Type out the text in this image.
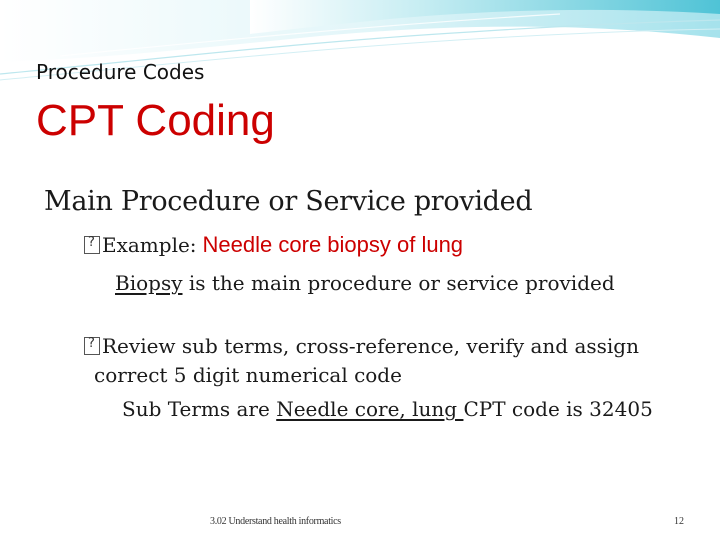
Procedure Codes
CPT Coding
Main Procedure or Service provided
?Example: Needle core biopsy of lung
Biopsy is the main procedure or service provided
?Review sub terms, cross-reference, verify and assign
correct 5 digit numerical code
Sub Terms are Needle core, lung CPT code is 32405
3.02 Understand health informatics	12
